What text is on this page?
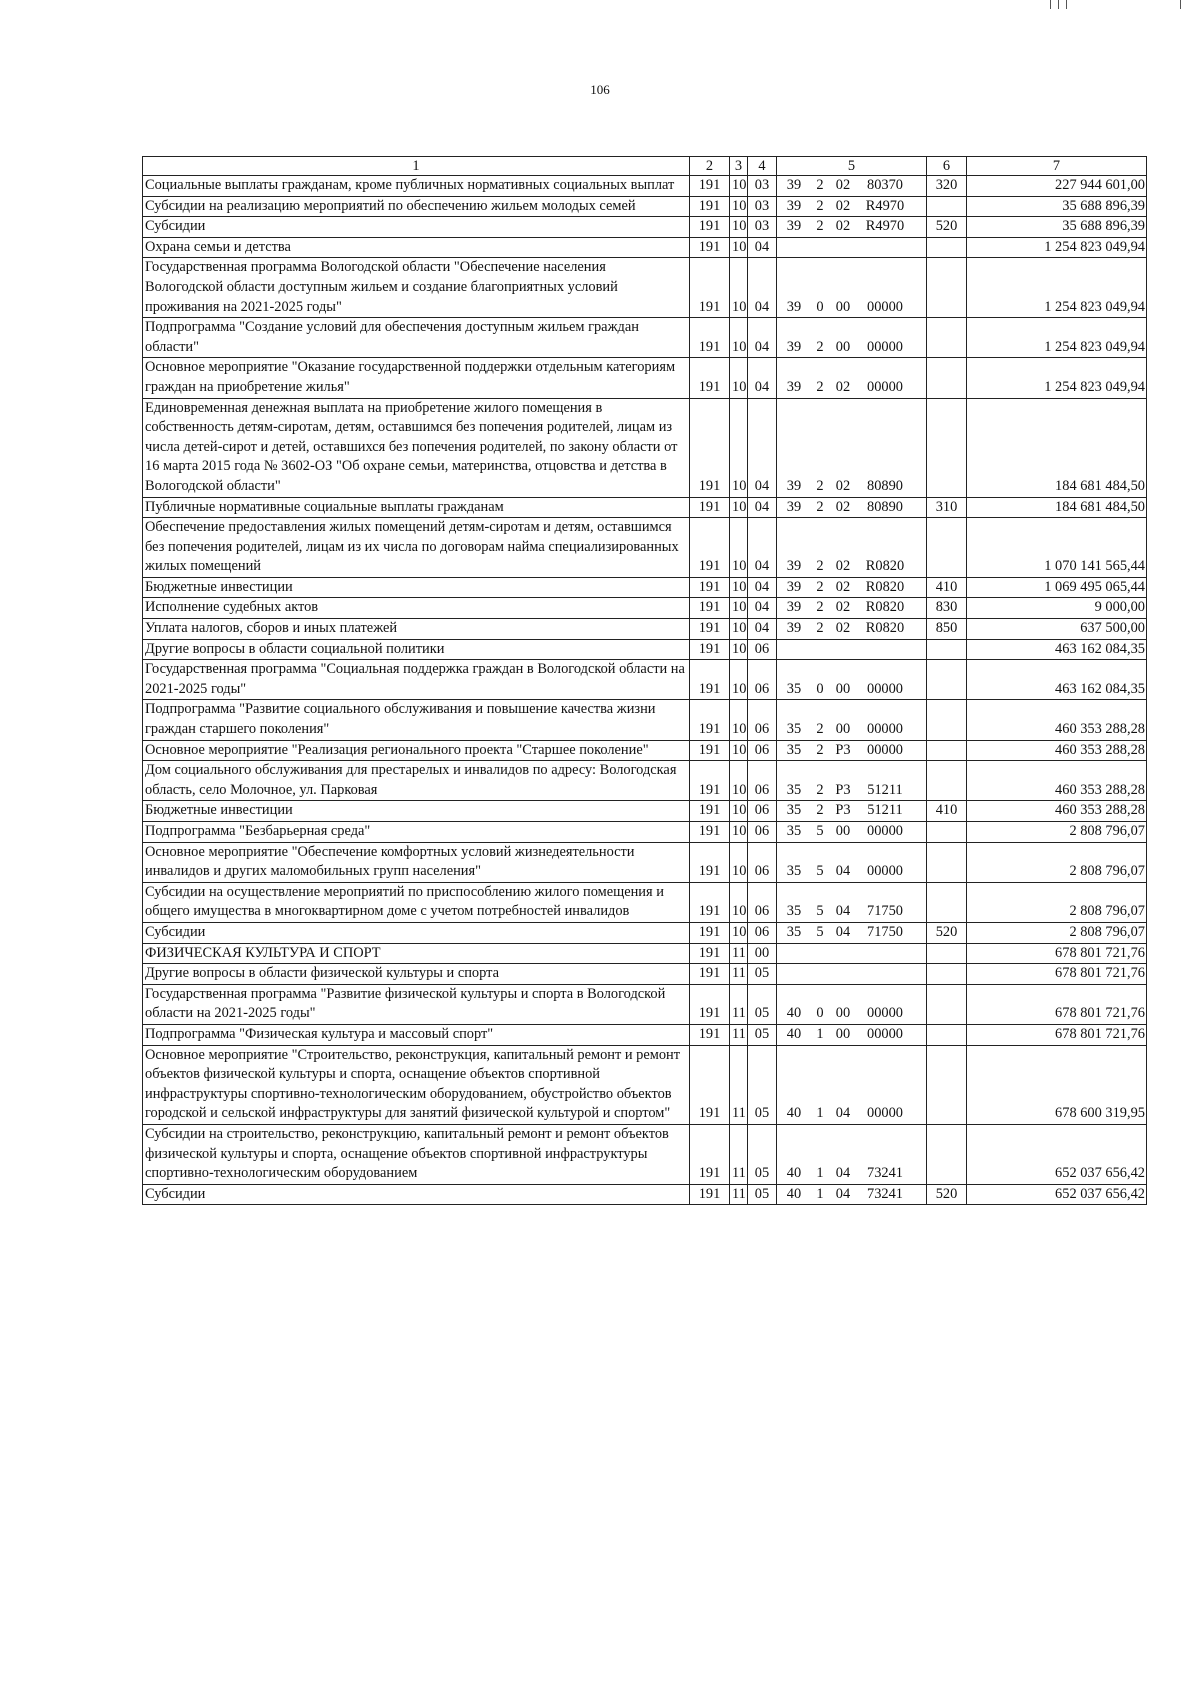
106
1	2	3	4	5	6	7
Социальные выплаты гражданам, кроме публичных нормативных социальных выплат	191	10	03	39 2 02 80370	320	227 944 601,00
Субсидии на реализацию мероприятий по обеспечению жильем молодых семей	191	10	03	39 2 02 R4970		35 688 896,39
Субсидии	191	10	03	39 2 02 R4970	520	35 688 896,39
Охрана семьи и детства	191	10	04			1 254 823 049,94
Государственная программа Вологодской области "Обеспечение населения Вологодской области доступным жильем и создание благоприятных условий проживания на 2021-2025 годы"	191	10	04	39 0 00 00000		1 254 823 049,94
Подпрограмма "Создание условий для обеспечения доступным жильем граждан области"	191	10	04	39 2 00 00000		1 254 823 049,94
Основное мероприятие "Оказание государственной поддержки отдельным категориям граждан на приобретение жилья"	191	10	04	39 2 02 00000		1 254 823 049,94
Единовременная денежная выплата на приобретение жилого помещения в собственность детям-сиротам, детям, оставшимся без попечения родителей, лицам из числа детей-сирот и детей, оставшихся без попечения родителей, по закону области от 16 марта 2015 года № 3602-ОЗ "Об охране семьи, материнства, отцовства и детства в Вологодской области"	191	10	04	39 2 02 80890		184 681 484,50
Публичные нормативные социальные выплаты гражданам	191	10	04	39 2 02 80890	310	184 681 484,50
Обеспечение предоставления жилых помещений детям-сиротам и детям, оставшимся без попечения родителей, лицам из их числа по договорам найма специализированных жилых помещений	191	10	04	39 2 02 R0820		1 070 141 565,44
Бюджетные инвестиции	191	10	04	39 2 02 R0820	410	1 069 495 065,44
Исполнение судебных актов	191	10	04	39 2 02 R0820	830	9 000,00
Уплата налогов, сборов и иных платежей	191	10	04	39 2 02 R0820	850	637 500,00
Другие вопросы в области социальной политики	191	10	06			463 162 084,35
Государственная программа "Социальная поддержка граждан в Вологодской области на 2021-2025 годы"	191	10	06	35 0 00 00000		463 162 084,35
Подпрограмма "Развитие социального обслуживания и повышение качества жизни граждан старшего поколения"	191	10	06	35 2 00 00000		460 353 288,28
Основное мероприятие "Реализация регионального проекта "Старшее поколение"	191	10	06	35 2 P3 00000		460 353 288,28
Дом социального обслуживания для престарелых и инвалидов по адресу: Вологодская область, село Молочное, ул. Парковая	191	10	06	35 2 P3 51211		460 353 288,28
Бюджетные инвестиции	191	10	06	35 2 P3 51211	410	460 353 288,28
Подпрограмма "Безбарьерная среда"	191	10	06	35 5 00 00000		2 808 796,07
Основное мероприятие "Обеспечение комфортных условий жизнедеятельности инвалидов и других маломобильных групп населения"	191	10	06	35 5 04 00000		2 808 796,07
Субсидии на осуществление мероприятий по приспособлению жилого помещения и общего имущества в многоквартирном доме с учетом потребностей инвалидов	191	10	06	35 5 04 71750		2 808 796,07
Субсидии	191	10	06	35 5 04 71750	520	2 808 796,07
ФИЗИЧЕСКАЯ КУЛЬТУРА И СПОРТ	191	11	00			678 801 721,76
Другие вопросы в области физической культуры и спорта	191	11	05			678 801 721,76
Государственная программа "Развитие физической культуры и спорта в Вологодской области на 2021-2025 годы"	191	11	05	40 0 00 00000		678 801 721,76
Подпрограмма "Физическая культура и массовый спорт"	191	11	05	40 1 00 00000		678 801 721,76
Основное мероприятие "Строительство, реконструкция, капитальный ремонт и ремонт объектов физической культуры и спорта, оснащение объектов спортивной инфраструктуры спортивно-технологическим оборудованием, обустройство объектов городской и сельской инфраструктуры для занятий физической культурой и спортом"	191	11	05	40 1 04 00000		678 600 319,95
Субсидии на строительство, реконструкцию, капитальный ремонт и ремонт объектов физической культуры и спорта, оснащение объектов спортивной инфраструктуры спортивно-технологическим оборудованием	191	11	05	40 1 04 73241		652 037 656,42
Субсидии	191	11	05	40 1 04 73241	520	652 037 656,42
